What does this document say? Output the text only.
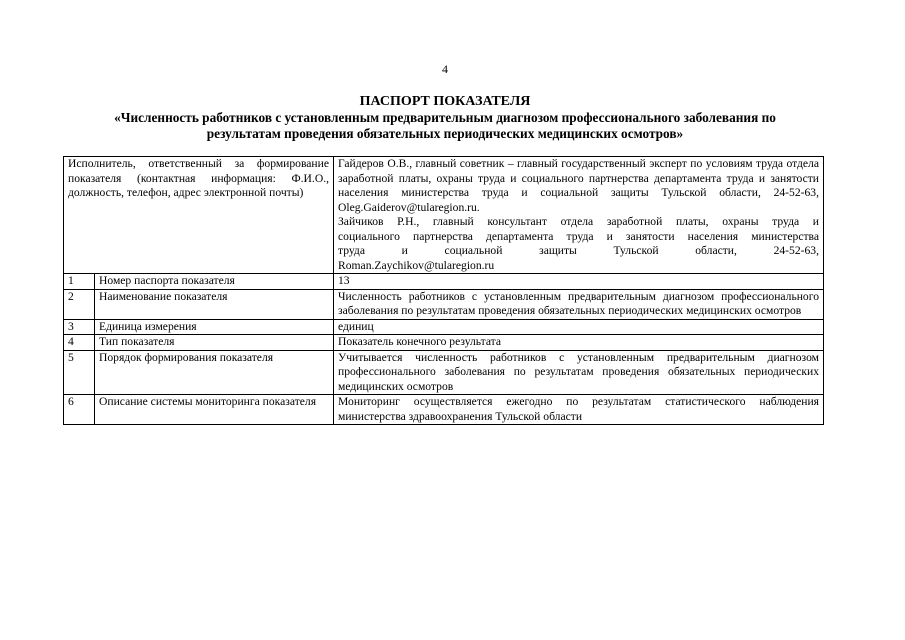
4
ПАСПОРТ ПОКАЗАТЕЛЯ
«Численность работников с установленным предварительным диагнозом профессионального заболевания по
результатам проведения обязательных периодических медицинских осмотров»
Исполнитель, ответственный за формирование показателя (контактная информация: Ф.И.О., должность, телефон, адрес электронной почты)		Гайдеров О.В., главный советник – главный государственный эксперт по условиям труда отдела заработной платы, охраны труда и социального партнерства департамента труда и занятости населения министерства труда и социальной защиты Тульской области, 24-52-63, Oleg.Gaiderov@tularegion.ru.
Зайчиков Р.Н., главный консультант отдела заработной платы, охраны труда и
социального партнерства департамента труда и занятости населения министерства
труда и социальной защиты Тульской области, 24-52-63,
Roman.Zaychikov@tularegion.ru

1	Номер паспорта показателя	13
2	Наименование показателя	Численность работников с установленным предварительным диагнозом профессионального заболевания по результатам проведения обязательных периодических медицинских осмотров
3	Единица измерения	единиц
4	Тип показателя	Показатель конечного результата
5	Порядок формирования показателя	Учитывается численность работников с установленным предварительным диагнозом профессионального заболевания по результатам проведения обязательных периодических медицинских осмотров
6	Описание системы мониторинга показателя	Мониторинг осуществляется ежегодно по результатам статистического наблюдения министерства здравоохранения Тульской области
